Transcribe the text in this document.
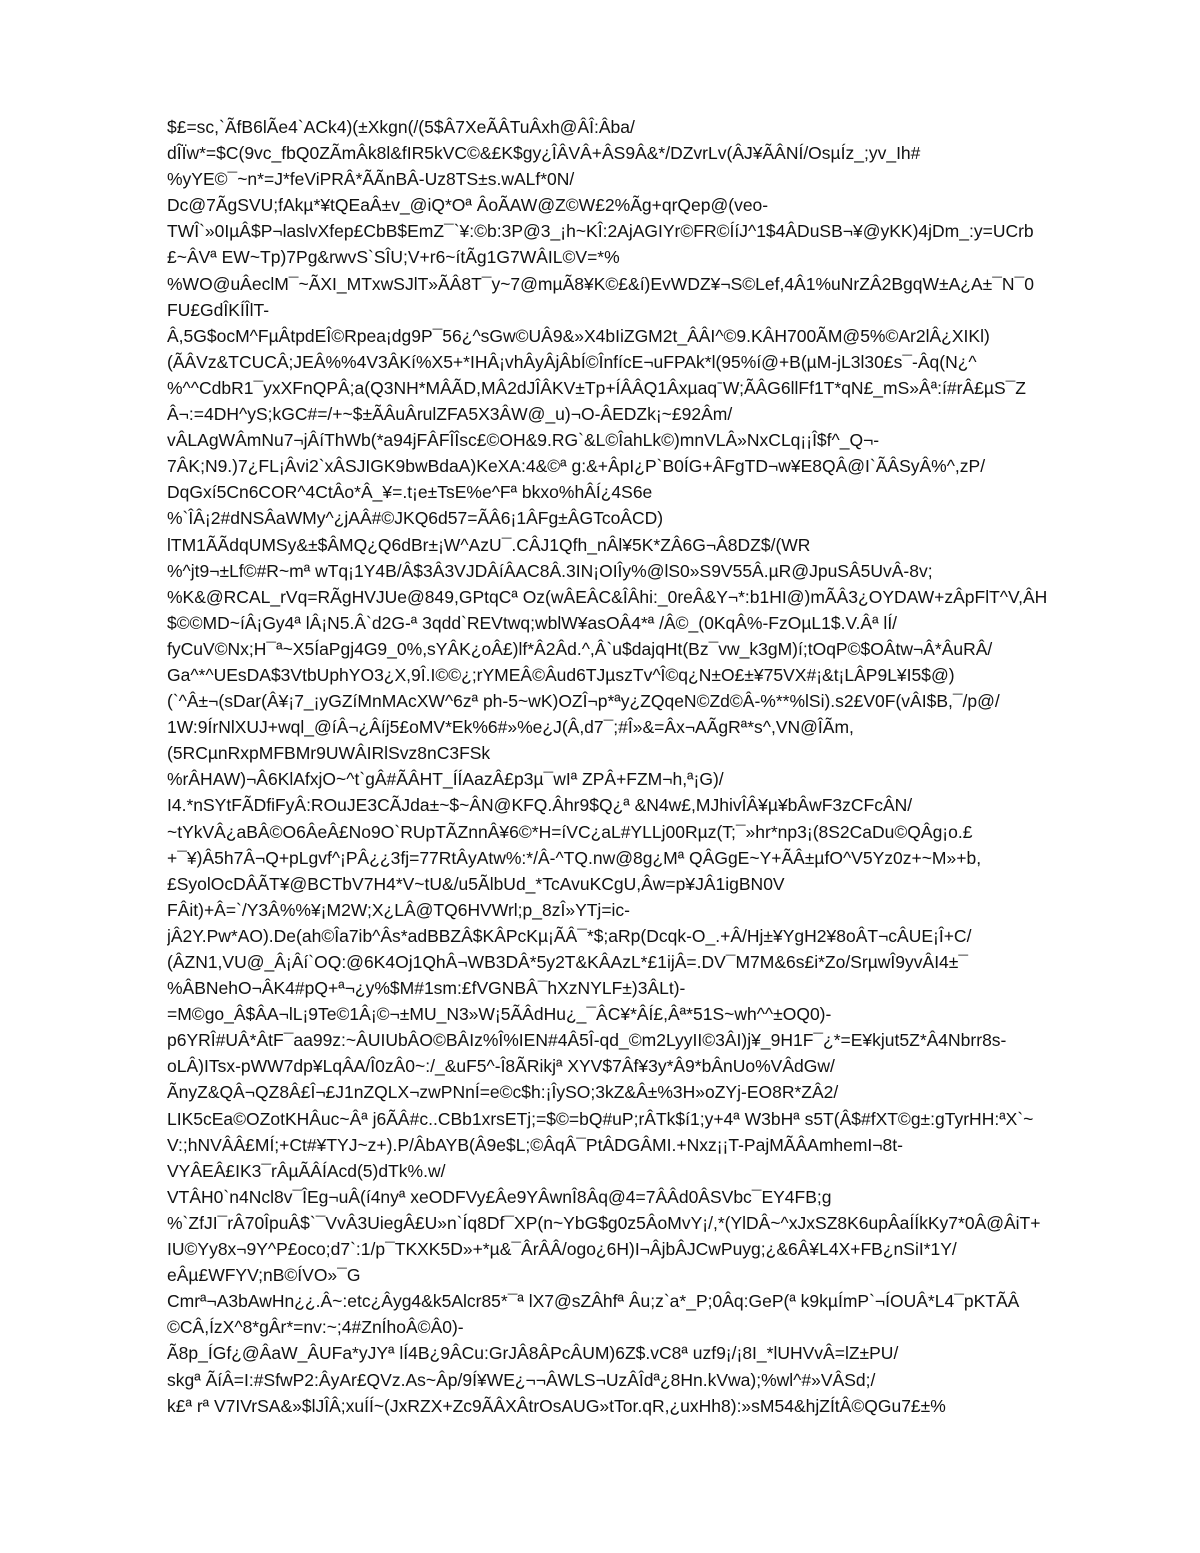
$£=sc,`ÃfB6lÃe4`ACk4)(±Xkgn(/(5$Â7XeÃÂTuÂxh@ÂÎ:Âba/
dÎÏw*=$C(9vc_fbQ0ZÃmÂk8l&fIR5kVC©&£K$gy¿ÎÂVÂ+ÂS9Â&*/DZvrLv(ÂJ¥ÃÂNÍ/OsµÍz_;yv_Ih#
%yYE©¯~n*=J*feViPRÂ*ÃÃnBÂ-Uz8TS±s.wALf*0N/
Dc@7ÃgSVU;fAkµ*¥tQEaÂ±v_@iQ*Oª ÂoÃAW@Z©W£2%Ãg+qrQep@(veo-
TWÎ`»0IµÂ$P¬laslvXfep£CbB$EmZ¯`¥:©b:3P@3_¡h~KÎ:2AjAGIYr©FR©ÍíJ^1$4ÂDuSB¬¥@yKK)4jDm_:y=UCrb
£~ÂVª EW~Tp)7Pg&rwvS`SÎU;V+r6~ítÃg1G7WÂIL©V=*%
%WO@uÂeclM¯~ÃXI_MTxwSJlT»ÃÂ8T¯y~7@mµÃ8¥K©£&í)EvWDZ¥¬S©Lef,4Â1%uNrZÂ2BgqW±A¿A±¯N¯0
FU£GdÎKÍÎlT-
Â,5G$ocM^FµÂtpdEÎ©Rpea¡dg9P¯56¿^sGw©UÂ9&»X4bIiZGM2t_ÂÂI^©9.KÂH700ÃM@5%©Ar2lÂ¿XIKl)
(ÃÂVz&TCUCÂ;JEÂ%%4V3ÂKí%X5+*IHÂ¡vhÂyÂjÂbÍ©ÎnfícE¬uFPAk*l(95%í@+B(µM-jL3l30£s¯-Âq(N¿^
%^^CdbR1¯yxXFnQPÂ;a(Q3NH*MÂÃD,MÂ2dJÎÂKV±Tp+ÍÂÂQ1ÂxµaqˉW;ÃÂG6llFf1T*qN£_mS»Âª:í#rÂ£µS¯Z
Â¬:=4DH^yS;kGC#=/+~$±ÃÂuÂrulZFA5X3ÂW@_u)¬O-ÂEDZk¡~£92Âm/
vÂLAgWÂmNu7¬jÂíThWb(*a94jFÂFÎÎsc£©OH&9.RG`&L©ÎahLk©)mnVLÂ»NxCLq¡¡Î$f^_Q¬-
7ÂK;N9.)7¿FL¡Âvi2`xÂSJIGK9bwBdaA)KeXA:4&©ª g:&+ÂpI¿P`B0ÍG+ÂFgTD¬w¥E8QÂ@I`ÃÂSyÂ%^,zP/
DqGxí5Cn6COR^4CtÂo*Â_¥=.t¡e±TsE%e^Fª bkxo%hÂÍ¿4S6e
%`ÎÂ¡2#dNSÂaWMy^¿jAÂ#©JKQ6d57=ÃÂ6¡1ÂFg±ÂGTcoÂCD)
lTM1ÃÃdqUMSy&±$ÂMQ¿Q6dBr±¡W^AzU¯.CÂJ1Qfh_nÂl¥5K*ZÂ6G¬Â8DZ$/(WR
%^jt9¬±Lf©#R~mª wTq¡1Y4B/Â$3Â3VJDÂíÂAC8Â.3IN¡OIÎy%@lS0»S9V55Â.µR@JpuSÂ5UvÂ-8v;
%K&@RCAL_rVq=RÃgHVJUe@849,GPtqCª Oz(wÂEÂC&ÎÂhi:_0reÂ&Y¬*:b1HI@)mÃÂ3¿OYDAW+zÂpFlT^V,ÂH
$©©MD~íÂ¡Gy4ª lÂ¡N5.Â`d2G-ª 3qdd`REVtwq;wblW¥asOÂ4*ª /Â©_(0KqÂ%-FzOµL1$.V.Âª lÍ/
fyCuV©Nx;H¯ª~X5ÍaPgj4G9_0%,sYÂK¿oÂ£)lf*Â2Âd.^,Â`u$dajqHt(Bz¯vw_k3gM)í;tOqP©$OÂtw¬Â*ÂuRÂ/
Ga^*^UEsDA$3VtbUphYO3¿X,9Î.I©©¿;rYMEÂ©Âud6TJµszTv^Î©q¿N±O£±¥75VX#¡&t¡LÂP9L¥I5$@)
(`^Â±¬(sDar(Â¥¡7_¡yGZíMnMAcXW^6zª ph-5~wK)OZÎ¬p*ªy¿ZQqeN©Zd©Â-%**%lSi).s2£V0F(vÂI$B,¯/p@/
1W:9ÍrNlXUJ+wql_@íÂ¬¿Âíj5£oMV*Ek%6#»%e¿J(Â,d7¯;#Î»&=Âx¬AÃgRª*s^,VN@ÎÃm,
(5RCµnRxpMFBMr9UWÂIRlSvz8nC3FSk
%rÂHAW)¬Â6KlAfxjO~^t`gÂ#ÃÂHT_ÍÍAazÂ£p3µ¯wIª ZPÂ+FZM¬h,ª¡G)/
I4.*nSYtFÃDfiFyÂ:ROuJE3CÃJda±~$~ÂN@KFQ.Âhr9$Q¿ª &N4w£,MJhivÎÂ¥µ¥bÂwF3zCFcÂN/
~tYkVÂ¿aBÂ©O6ÂeÂ£No9O`RUpTÃZnnÂ¥6©*H=íVC¿aL#YLLj00Rµz(T;¯»hr*np3¡(8S2CaDu©QÂg¡o.£
+¯¥)Â5h7Â¬Q+pLgvf^¡PÂ¿¿3fj=77RtÂyAtw%:*/Â-^TQ.nw@8g¿Mª QÂGgE~Y+ÃÂ±µfO^V5Yz0z+~M»+b,
£SyolOcDÂÃT¥@BCTbV7H4*V~tU&/u5ÃlbUd_*TcAvuKCgU,Âw=p¥JÂ1igBN0V
FÂit)+Â=`/Y3Â%%¥¡M2W;X¿LÂ@TQ6HVWrl;p_8zÎ»YTj=ic-
jÂ2Y.Pw*AO).De(ah©Îa7ib^Âs*adBBZÂ$KÂPcKµ¡ÃÂ¯*$;aRp(Dcqk-O_.+Â/Hj±¥YgH2¥8oÂT¬cÂUE¡Î+C/
(ÂZN1,VU@_Â¡Âí`OQ:@6K4Oj1QhÂ¬WB3DÂ*5y2T&KÂAzL*£1ijÂ=.DV¯M7M&6s£i*Zo/SrµwÎ9yvÂI4±¯
%ÂBNehO¬ÂK4#pQ+ª¬¿y%$M#1sm:£fVGNBÂ¯hXzNYLF±)3ÂLt)-
=M©go_Â$ÂA¬lL¡9Te©1Â¡©¬±MU_N3»W¡5ÃÂdHu¿_¯ÂC¥*ÂÍ£,Âª*51S~wh^^±OQ0)-
p6YRÎ#UÂ*ÂtF¯aa99z:~ÂUIUbÂO©BÂIz%Î%IEN#4Â5Î-qd_©m2LyyII©3ÂI)j¥_9H1F¯¿*=E¥kjut5Z*Â4Nbrr8s-
oLÂ)ITsx-pWW7dp¥LqÂA/Î0zÂ0~:/_&uF5^-Î8ÃRikjª XYV$7Âf¥3y*Â9*bÂnUo%VÂdGw/
ÃnyZ&QÂ¬QZ8Â£Î¬£J1nZQLX¬zwPNnÍ=e©c$h:¡ÎySO;3kZ&Â±%3H»oZYj-EO8R*ZÂ2/
LIK5cEa©OZotKHÂuc~Âª j6ÃÂ#c..CBb1xrsETj;=$©=bQ#uP;rÂTk$í1;y+4ª W3bHª s5T(Â$#fXT©g±:gTyrHH:ªX`~
V:;hNVÂÂ£MÍ;+Ct#¥TYJ~z+).P/ÂbAYB(Â9e$L;©ÂqÂ¯PtÂDGÂMI.+Nxz¡¡T-PajMÃÂAmhemI¬8t-
VYÂEÂ£IK3¯rÂµÃÂÍAcd(5)dTk%.w/
VTÂH0`n4Ncl8v¯ÎEg¬uÂ(í4nyª xeODFVy£Âe9YÂwnÎ8Âq@4=7ÂÂd0ÂSVbc¯EY4FB;g
%`ZfJI¯rÂ70ÎpuÂ$`¯VvÂ3UiegÂ£U»n`Íq8Df¯XP(n~YbG$g0z5ÂoMvY¡/,*(YlDÂ~^xJxSZ8K6upÂaÍÍkKy7*0Â@ÂiT+
IU©Yy8x¬9Y^P£oco;d7`:1/p¯TKXK5D»+*µ&¯ÂrÂÂ/ogo¿6H)I¬ÂjbÂJCwPuyg;¿&6Â¥L4X+FB¿nSiI*1Y/
eÂµ£WFYV;nB©ÍVO»¯G
Cmrª¬A3bAwHn¿¿.Â~:etc¿Âyg4&k5Alcr85*¯ª lX7@sZÂhfª Âu;z`a*_P;0Âq:GeP(ª k9kµÍmP`¬ÍOUÂ*L4¯pKTÃÂ
©CÂ,ÍzX^8*gÂr*=nv:~;4#ZnÍhoÂ©Â0)-
Ã8p_ÍGf¿@ÂaW_ÂUFa*yJYª lÍ4B¿9ÂCu:GrJÂ8ÂPcÂUM)6Z$.vC8ª uzf9¡/¡8I_*lUHVvÂ=lZ±PU/
skgª ÃíÂ=I:#SfwP2:ÂyAr£QVz.As~Âp/9Í¥WE¿¬¬ÂWLS¬UzÂÎdª¿8Hn.kVwa);%wl^#»VÂSd;/
k£ª rª V7IVrSA&»$lJÎÂ;xuÍÍ~(JxRZX+Zc9ÃÂXÂtrOsAUG»tTor.qR,¿uxHh8):»sM54&hjZÍtÂ©QGu7£±%
